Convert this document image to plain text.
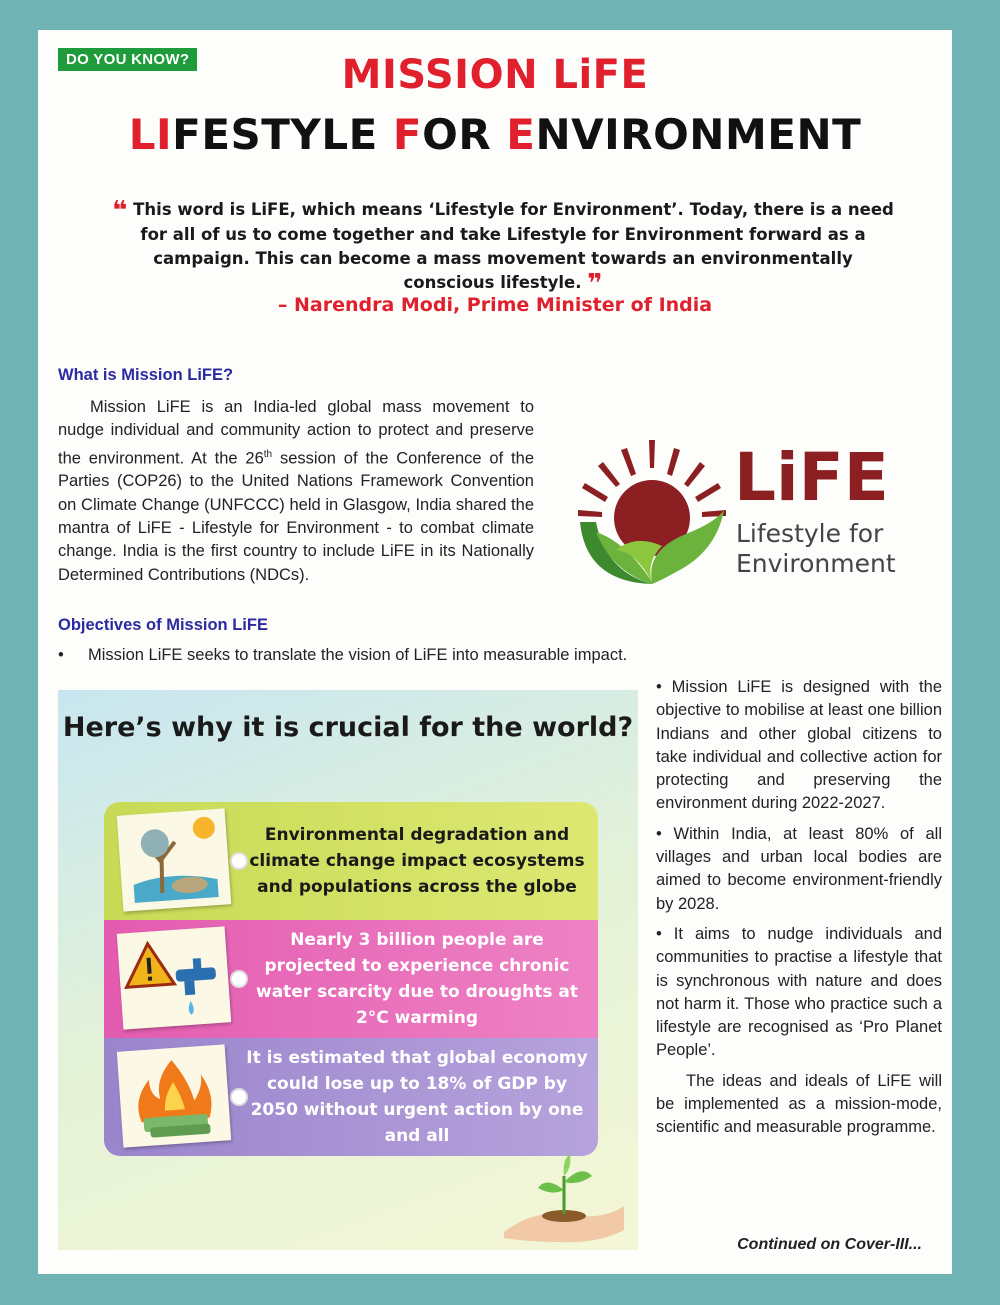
DO YOU KNOW?	MISSION LiFE
LIFESTYLE FOR ENVIRONMENT
❝ This word is LiFE, which means ‘Lifestyle for Environment’. Today, there is a need for all of us to come together and take Lifestyle for Environment forward as a campaign. This can become a mass movement towards an environmentally conscious lifestyle. ❞
– Narendra Modi, Prime Minister of India
What is Mission LiFE?

Mission LiFE is an India-led global mass movement to nudge individual and community action to protect and preserve the environment. At the 26th session of the Conference of the Parties (COP26) to the United Nations Framework Convention on Climate Change (UNFCCC) held in Glasgow, India shared the mantra of LiFE - Lifestyle for Environment - to combat climate change. India is the first country to include LiFE in its Nationally Determined Contributions (NDCs).

LiFE
Lifestyle for
Environment
Objectives of Mission LiFE
• Mission LiFE seeks to translate the vision of LiFE into measurable impact.
Here’s why it is crucial for the world?
Environmental degradation and climate change impact ecosystems and populations across the globe
Nearly 3 billion people are projected to experience chronic water scarcity due to droughts at 2°C warming
It is estimated that global economy could lose up to 18% of GDP by 2050 without urgent action by one and all

• Mission LiFE is designed with the objective to mobilise at least one billion Indians and other global citizens to take individual and collective action for protecting and preserving the environment during 2022-2027.

• Within India, at least 80% of all villages and urban local bodies are aimed to become environment-friendly by 2028.

• It aims to nudge individuals and communities to practise a lifestyle that is synchronous with nature and does not harm it. Those who practice such a lifestyle are recognised as ‘Pro Planet People’.

The ideas and ideals of LiFE will be implemented as a mission-mode, scientific and measurable programme.

Continued on Cover-III...
